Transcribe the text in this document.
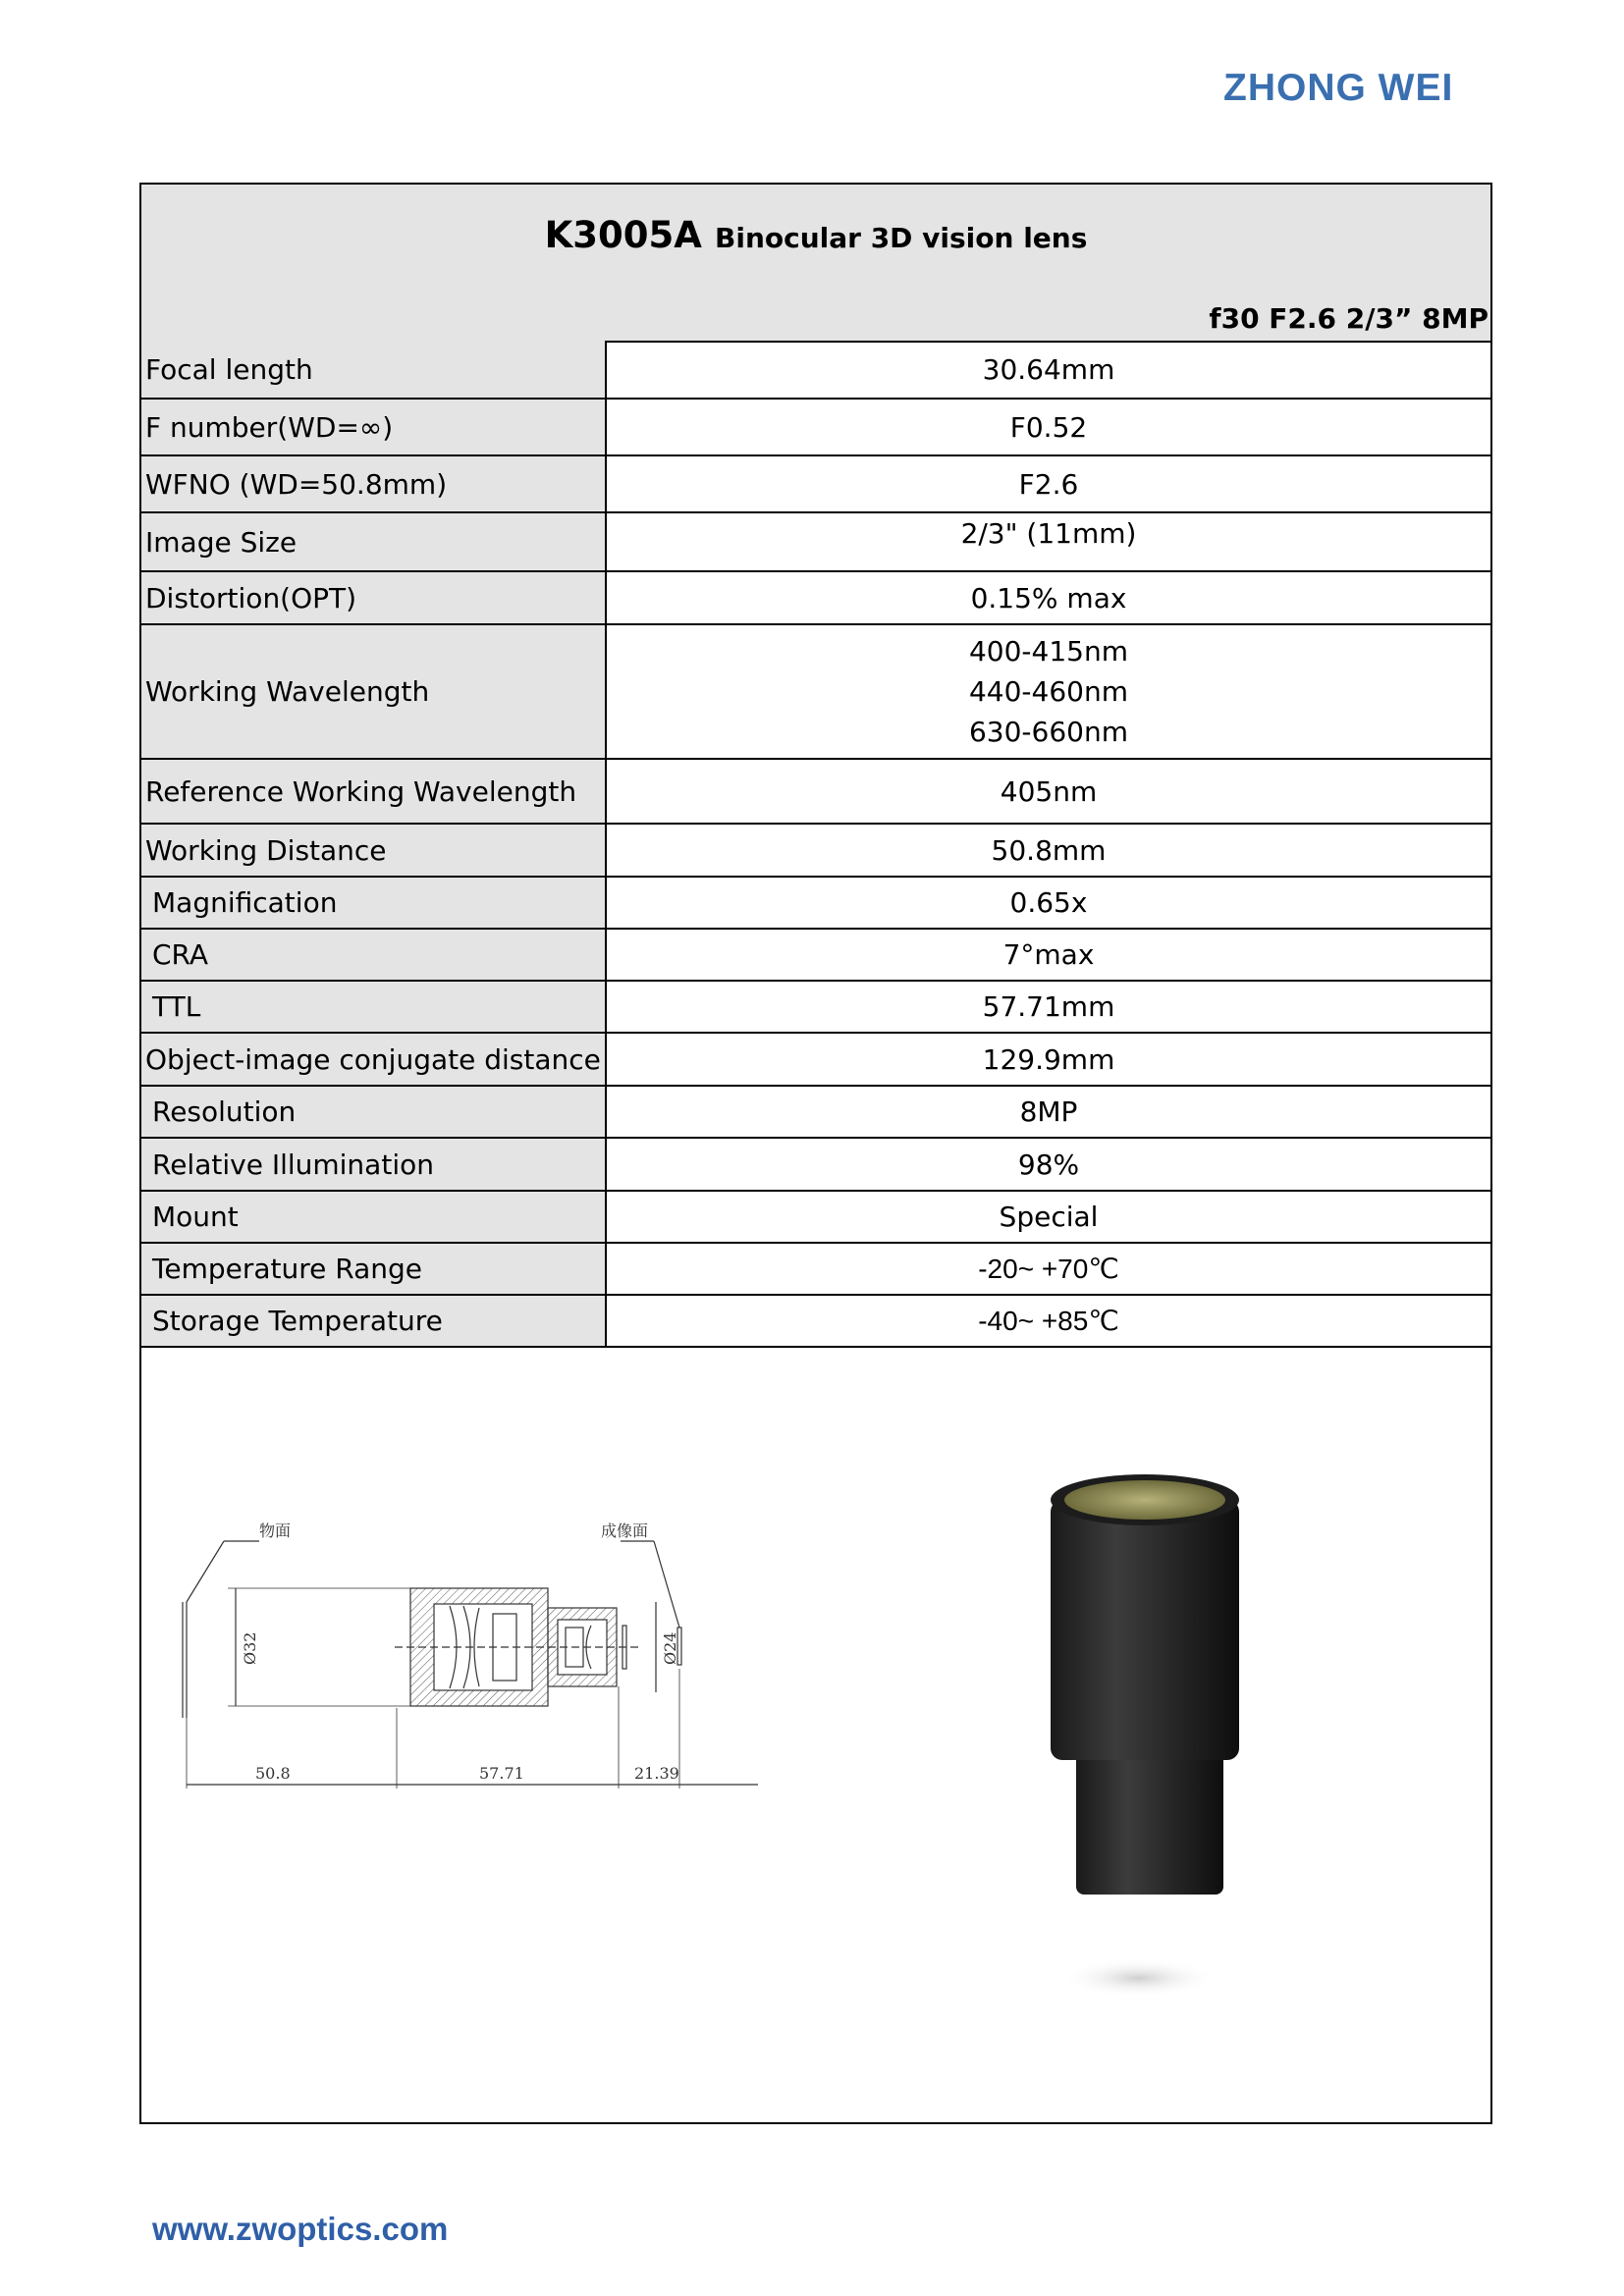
ZHONG WEI
K3005A Binocular 3D vision lens
f30 F2.6 2/3” 8MP
Focal length	30.64mm
F number(WD=∞)	F0.52
WFNO (WD=50.8mm)	F2.6
Image Size	2/3" (11mm)
Distortion(OPT)	0.15% max
Working Wavelength	400-415nm
440-460nm
630-660nm

Reference Working Wavelength	405nm
Working Distance	50.8mm
Magnification	0.65x
CRA	7°max
TTL	57.71mm
Object-image conjugate distance	129.9mm
Resolution	8MP
Relative Illumination	98%
Mount	Special
Temperature Range	-20~ +70℃
Storage Temperature	-40~ +85℃
物面	成像面
50.8	57.71	21.39
Ø32	Ø24
www.zwoptics.com
